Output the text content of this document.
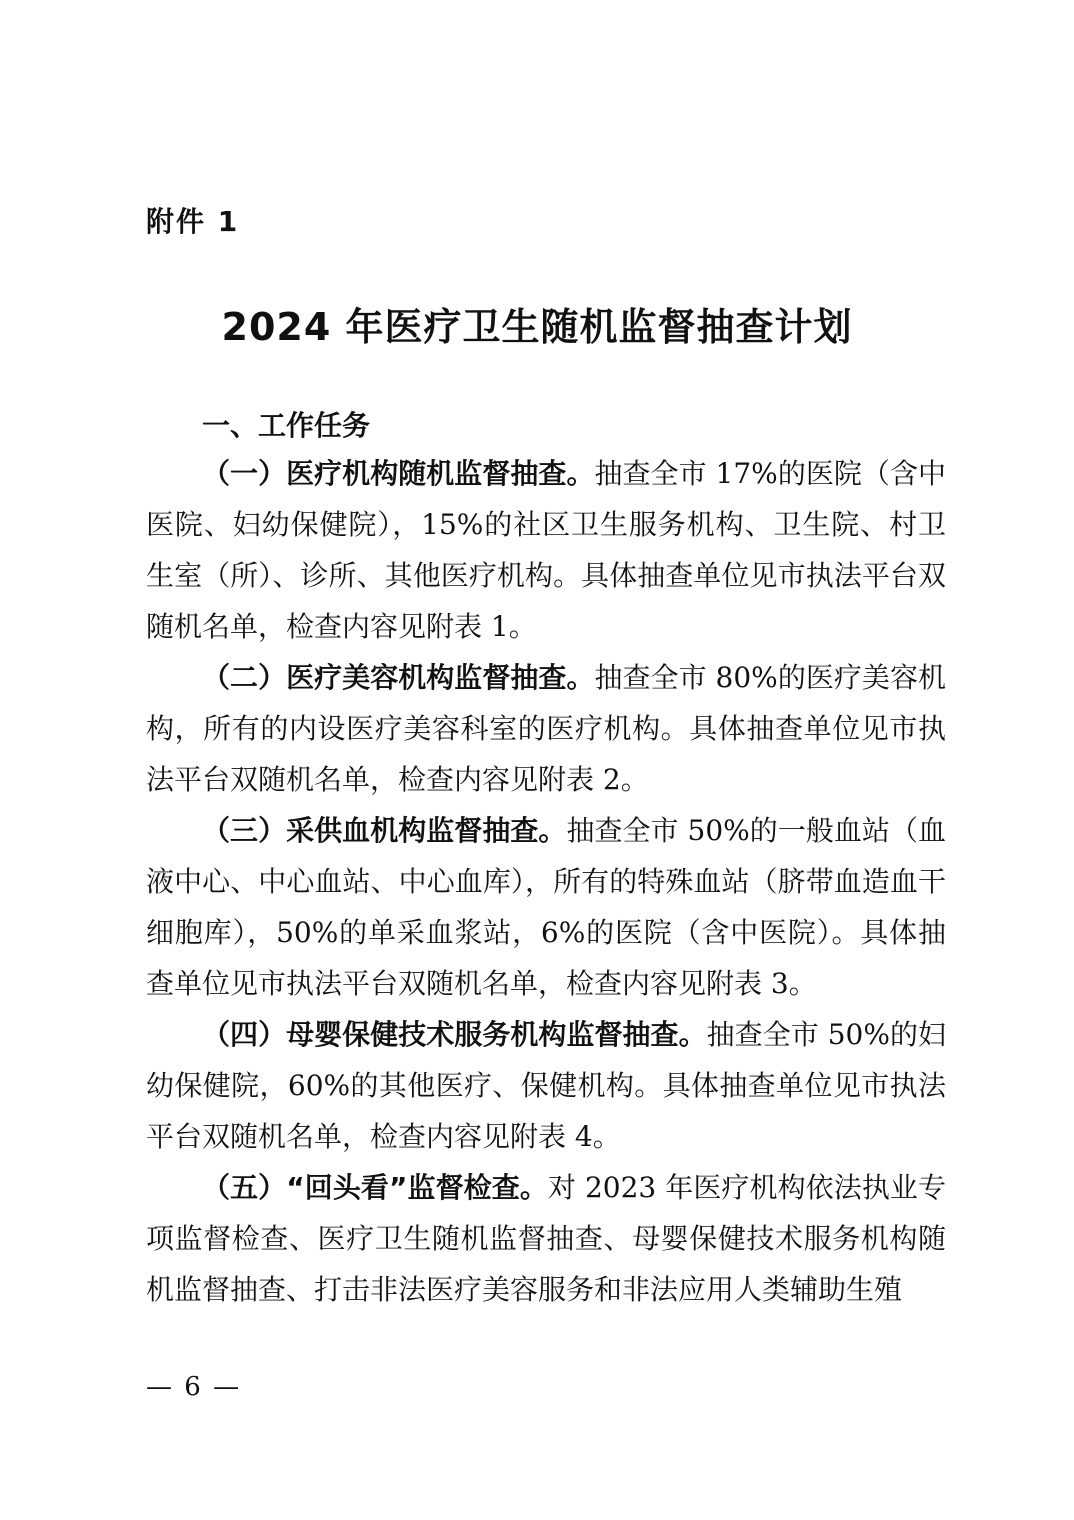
附件 1
2024 年医疗卫生随机监督抽查计划
一、工作任务

（一）医疗机构随机监督抽查。抽查全市 17%的医院（含中医院、妇幼保健院），15%的社区卫生服务机构、卫生院、村卫生室（所）、诊所、其他医疗机构。具体抽查单位见市执法平台双随机名单，检查内容见附表 1。

（二）医疗美容机构监督抽查。抽查全市 80%的医疗美容机构，所有的内设医疗美容科室的医疗机构。具体抽查单位见市执法平台双随机名单，检查内容见附表 2。

（三）采供血机构监督抽查。抽查全市 50%的一般血站（血液中心、中心血站、中心血库），所有的特殊血站（脐带血造血干细胞库），50%的单采血浆站，6%的医院（含中医院）。具体抽查单位见市执法平台双随机名单，检查内容见附表 3。

（四）母婴保健技术服务机构监督抽查。抽查全市 50%的妇幼保健院，60%的其他医疗、保健机构。具体抽查单位见市执法平台双随机名单，检查内容见附表 4。

（五）“回头看”监督检查。对 2023 年医疗机构依法执业专项监督检查、医疗卫生随机监督抽查、母婴保健技术服务机构随机监督抽查、打击非法医疗美容服务和非法应用人类辅助生殖

— 6 —
